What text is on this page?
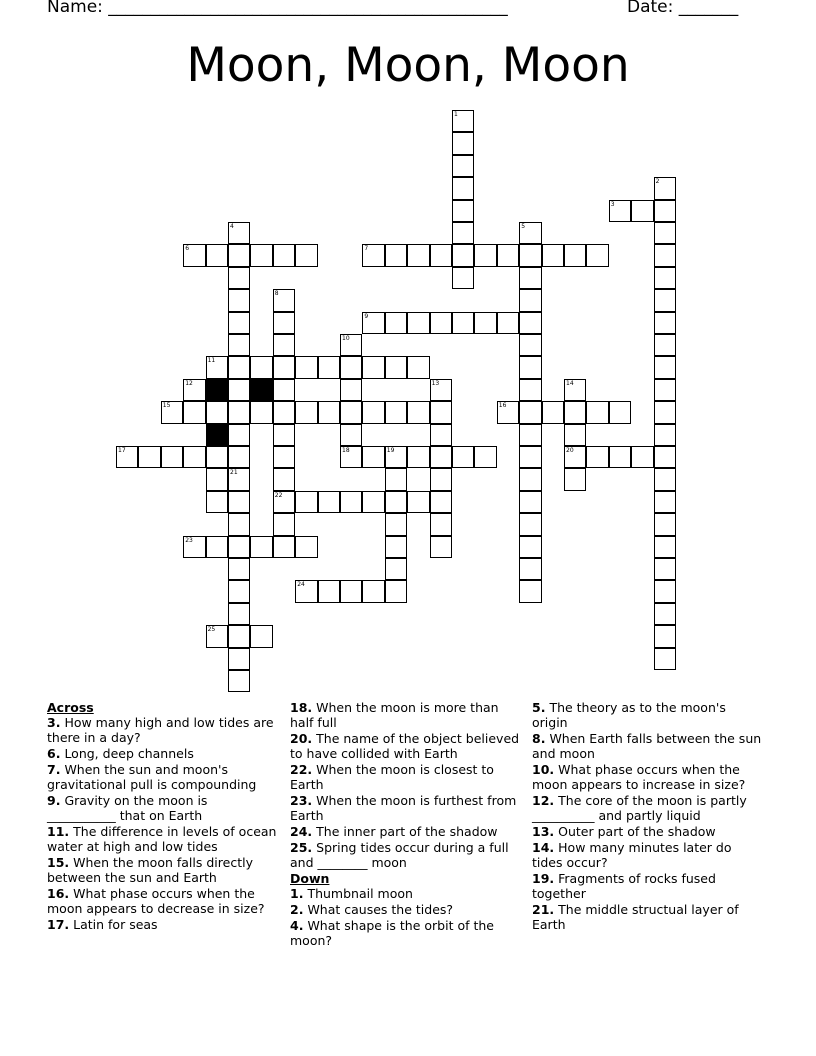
Name: _______________________________________________	Date: _______
Moon, Moon, Moon
1
2
3
4
21
5
6	7
8
22
9
10
18
11
12	13	14
20
15	16
17	19
23
24
25
Across
3. How many high and low tides are there in a day?
6. Long, deep channels
7. When the sun and moon's gravitational pull is compounding
9. Gravity on the moon is ___________ that on Earth
11. The difference in levels of ocean water at high and low tides
15. When the moon falls directly between the sun and Earth
16. What phase occurs when the moon appears to decrease in size?
17. Latin for seas
18. When the moon is more than half full
20. The name of the object believed to have collided with Earth
22. When the moon is closest to Earth
23. When the moon is furthest from Earth
24. The inner part of the shadow
25. Spring tides occur during a full and ________ moon
Down
1. Thumbnail moon
2. What causes the tides?
4. What shape is the orbit of the moon?
5. The theory as to the moon's origin
8. When Earth falls between the sun and moon
10. What phase occurs when the moon appears to increase in size?
12. The core of the moon is partly __________ and partly liquid
13. Outer part of the shadow
14. How many minutes later do tides occur?
19. Fragments of rocks fused together
21. The middle structual layer of Earth
